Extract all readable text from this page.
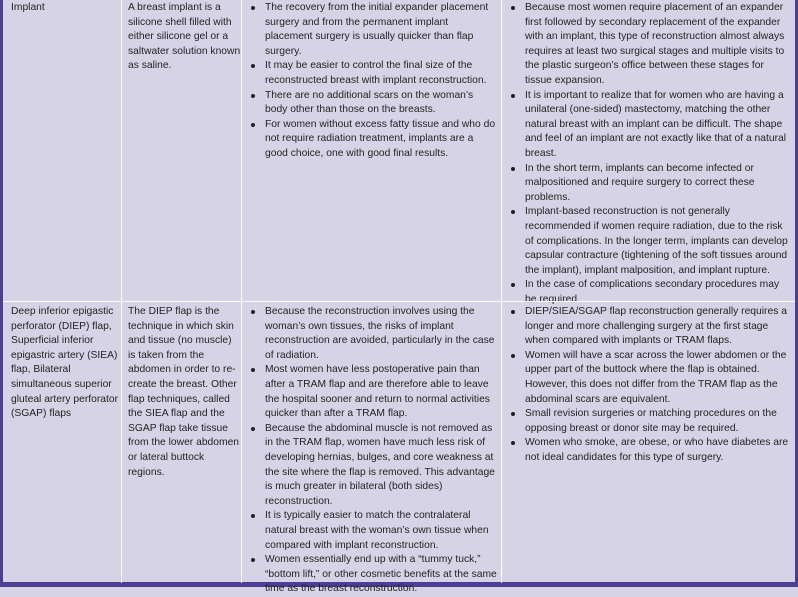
Implant	A breast implant is a silicone shell filled with either silicone gel or a saltwater solution known as saline.
The recovery from the initial expander placement surgery and from the permanent implant placement surgery is usually quicker than flap surgery.
It may be easier to control the final size of the reconstructed breast with implant reconstruction.
There are no additional scars on the woman’s body other than those on the breasts.
For women without excess fatty tissue and who do not require radiation treatment, implants are a good choice, one with good final results.
Because most women require placement of an expander first followed by secondary replacement of the expander with an implant, this type of reconstruction almost always requires at least two surgical stages and multiple visits to the plastic surgeon’s office between these stages for tissue expansion.
It is important to realize that for women who are having a unilateral (one-sided) mastectomy, matching the other natural breast with an implant can be difficult. The shape and feel of an implant are not exactly like that of a natural breast.
In the short term, implants can become infected or malpositioned and require surgery to correct these problems.
Implant-based reconstruction is not generally recommended if women require radiation, due to the risk of complications. In the longer term, implants can develop capsular contracture (tightening of the soft tissues around the implant), implant malposition, and implant rupture.
In the case of complications secondary procedures may be required.
Deep inferior epigastic perforator (DIEP) flap, Superficial inferior epigastric artery (SIEA) flap, Bilateral simultaneous superior gluteal artery perforator (SGAP) flaps
The DIEP flap is the technique in which skin and tissue (no muscle) is taken from the abdomen in order to re-create the breast. Other flap techniques, called the SIEA flap and the SGAP flap take tissue from the lower abdomen or lateral buttock regions.
Because the reconstruction involves using the woman’s own tissues, the risks of implant reconstruction are avoided, particularly in the case of radiation.
Most women have less postoperative pain than after a TRAM flap and are therefore able to leave the hospital sooner and return to normal activities quicker than after a TRAM flap.
Because the abdominal muscle is not removed as in the TRAM flap, women have much less risk of developing hernias, bulges, and core weakness at the site where the flap is removed. This advantage is much greater in bilateral (both sides) reconstruction.
It is typically easier to match the contralateral natural breast with the woman’s own tissue when compared with implant reconstruction.
Women essentially end up with a “tummy tuck,” “bottom lift,” or other cosmetic benefits at the same time as the breast reconstruction.
DIEP/SIEA/SGAP flap reconstruction generally requires a longer and more challenging surgery at the first stage when compared with implants or TRAM flaps.
Women will have a scar across the lower abdomen or the upper part of the buttock where the flap is obtained. However, this does not differ from the TRAM flap as the abdominal scars are equivalent.
Small revision surgeries or matching procedures on the opposing breast or donor site may be required.
Women who smoke, are obese, or who have diabetes are not ideal candidates for this type of surgery.
